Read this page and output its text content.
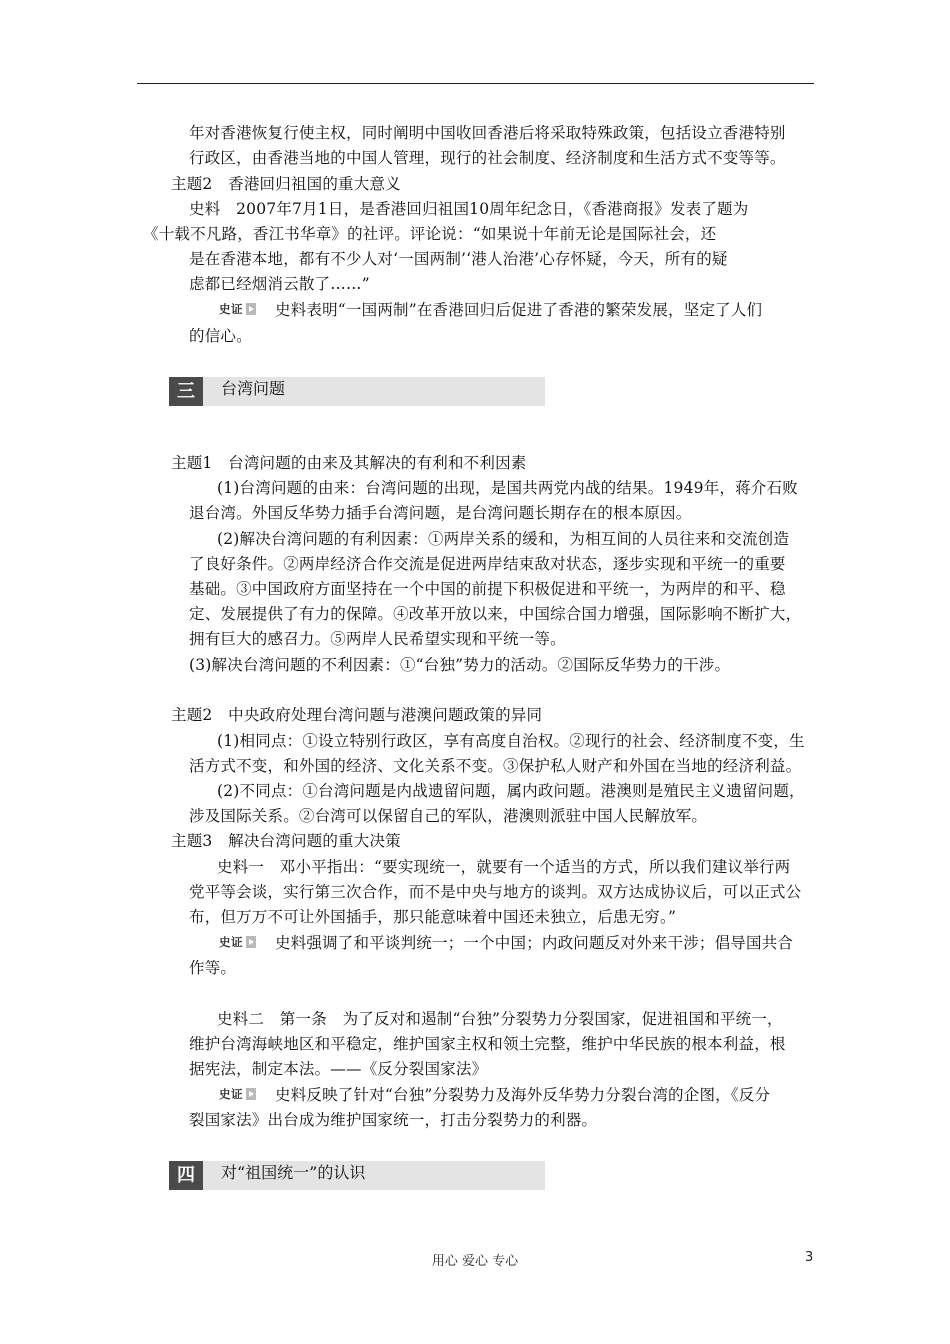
年对香港恢复行使主权，同时阐明中国收回香港后将采取特殊政策，包括设立香港特别
行政区，由香港当地的中国人管理，现行的社会制度、经济制度和生活方式不变等等。
主题2　香港回归祖国的重大意义
史料　2007年7月1日，是香港回归祖国10周年纪念日，《香港商报》发表了题为
《十载不凡路，香江书华章》的社评。评论说：“如果说十年前无论是国际社会，还
是在香港本地，都有不少人对‘一国两制’‘港人治港’心存怀疑，今天，所有的疑
虑都已经烟消云散了……”
史证 史料表明“一国两制”在香港回归后促进了香港的繁荣发展，坚定了人们
的信心。
三	台湾问题
主题1　台湾问题的由来及其解决的有利和不利因素
(1)台湾问题的由来：台湾问题的出现，是国共两党内战的结果。1949年，蒋介石败
退台湾。外国反华势力插手台湾问题，是台湾问题长期存在的根本原因。
(2)解决台湾问题的有利因素：①两岸关系的缓和，为相互间的人员往来和交流创造
了良好条件。②两岸经济合作交流是促进两岸结束敌对状态，逐步实现和平统一的重要
基础。③中国政府方面坚持在一个中国的前提下积极促进和平统一，为两岸的和平、稳
定、发展提供了有力的保障。④改革开放以来，中国综合国力增强，国际影响不断扩大，
拥有巨大的感召力。⑤两岸人民希望实现和平统一等。
(3)解决台湾问题的不利因素：①“台独”势力的活动。②国际反华势力的干涉。
主题2　中央政府处理台湾问题与港澳问题政策的异同
(1)相同点：①设立特别行政区，享有高度自治权。②现行的社会、经济制度不变，生
活方式不变，和外国的经济、文化关系不变。③保护私人财产和外国在当地的经济利益。
(2)不同点：①台湾问题是内战遗留问题，属内政问题。港澳则是殖民主义遗留问题，
涉及国际关系。②台湾可以保留自己的军队，港澳则派驻中国人民解放军。
主题3　解决台湾问题的重大决策
史料一　邓小平指出：“要实现统一，就要有一个适当的方式，所以我们建议举行两
党平等会谈，实行第三次合作，而不是中央与地方的谈判。双方达成协议后，可以正式公
布，但万万不可让外国插手，那只能意味着中国还未独立，后患无穷。”
史证 史料强调了和平谈判统一；一个中国；内政问题反对外来干涉；倡导国共合
作等。
史料二　第一条　为了反对和遏制“台独”分裂势力分裂国家，促进祖国和平统一，
维护台湾海峡地区和平稳定，维护国家主权和领土完整，维护中华民族的根本利益，根
据宪法，制定本法。——《反分裂国家法》
史证 史料反映了针对“台独”分裂势力及海外反华势力分裂台湾的企图，《反分
裂国家法》出台成为维护国家统一，打击分裂势力的利器。
四	对“祖国统一”的认识
用心 爱心 专心	3
